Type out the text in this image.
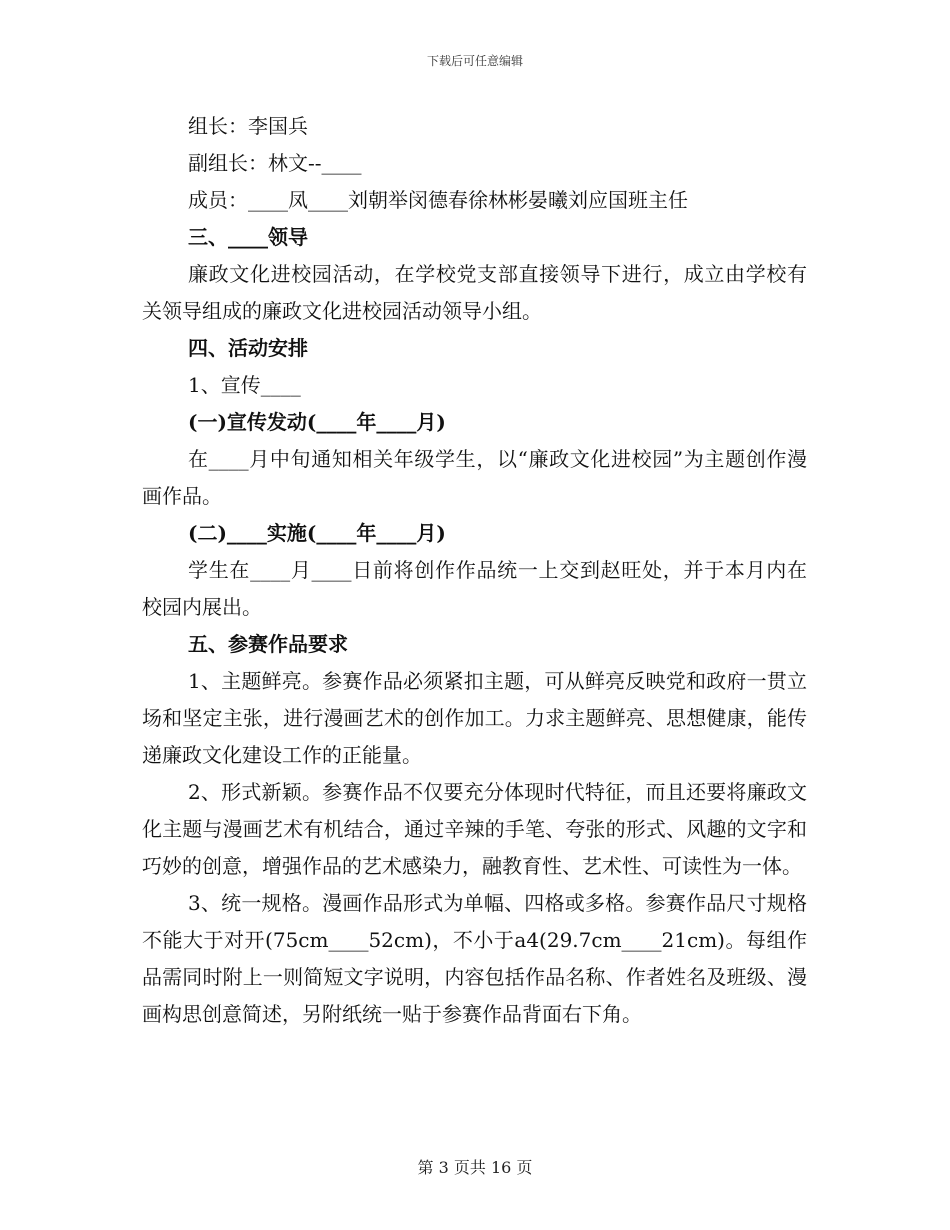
下载后可任意编辑
组长：李国兵
副组长：林文--____
成员：____凤____刘朝举闵德春徐林彬晏曦刘应国班主任
三、____领导
廉政文化进校园活动，在学校党支部直接领导下进行，成立由学校有关领导组成的廉政文化进校园活动领导小组。
四、活动安排
1、宣传____
(一)宣传发动(____年____月)
在____月中旬通知相关年级学生，以“廉政文化进校园”为主题创作漫画作品。
(二)____实施(____年____月)
学生在____月____日前将创作作品统一上交到赵旺处，并于本月内在校园内展出。
五、参赛作品要求
1、主题鲜亮。参赛作品必须紧扣主题，可从鲜亮反映党和政府一贯立场和坚定主张，进行漫画艺术的创作加工。力求主题鲜亮、思想健康，能传递廉政文化建设工作的正能量。
2、形式新颖。参赛作品不仅要充分体现时代特征，而且还要将廉政文化主题与漫画艺术有机结合，通过辛辣的手笔、夸张的形式、风趣的文字和巧妙的创意，增强作品的艺术感染力，融教育性、艺术性、可读性为一体。
3、统一规格。漫画作品形式为单幅、四格或多格。参赛作品尺寸规格不能大于对开(75cm____52cm)，不小于a4(29.7cm____21cm)。每组作品需同时附上一则简短文字说明，内容包括作品名称、作者姓名及班级、漫画构思创意简述，另附纸统一贴于参赛作品背面右下角。
第 3 页共 16 页
